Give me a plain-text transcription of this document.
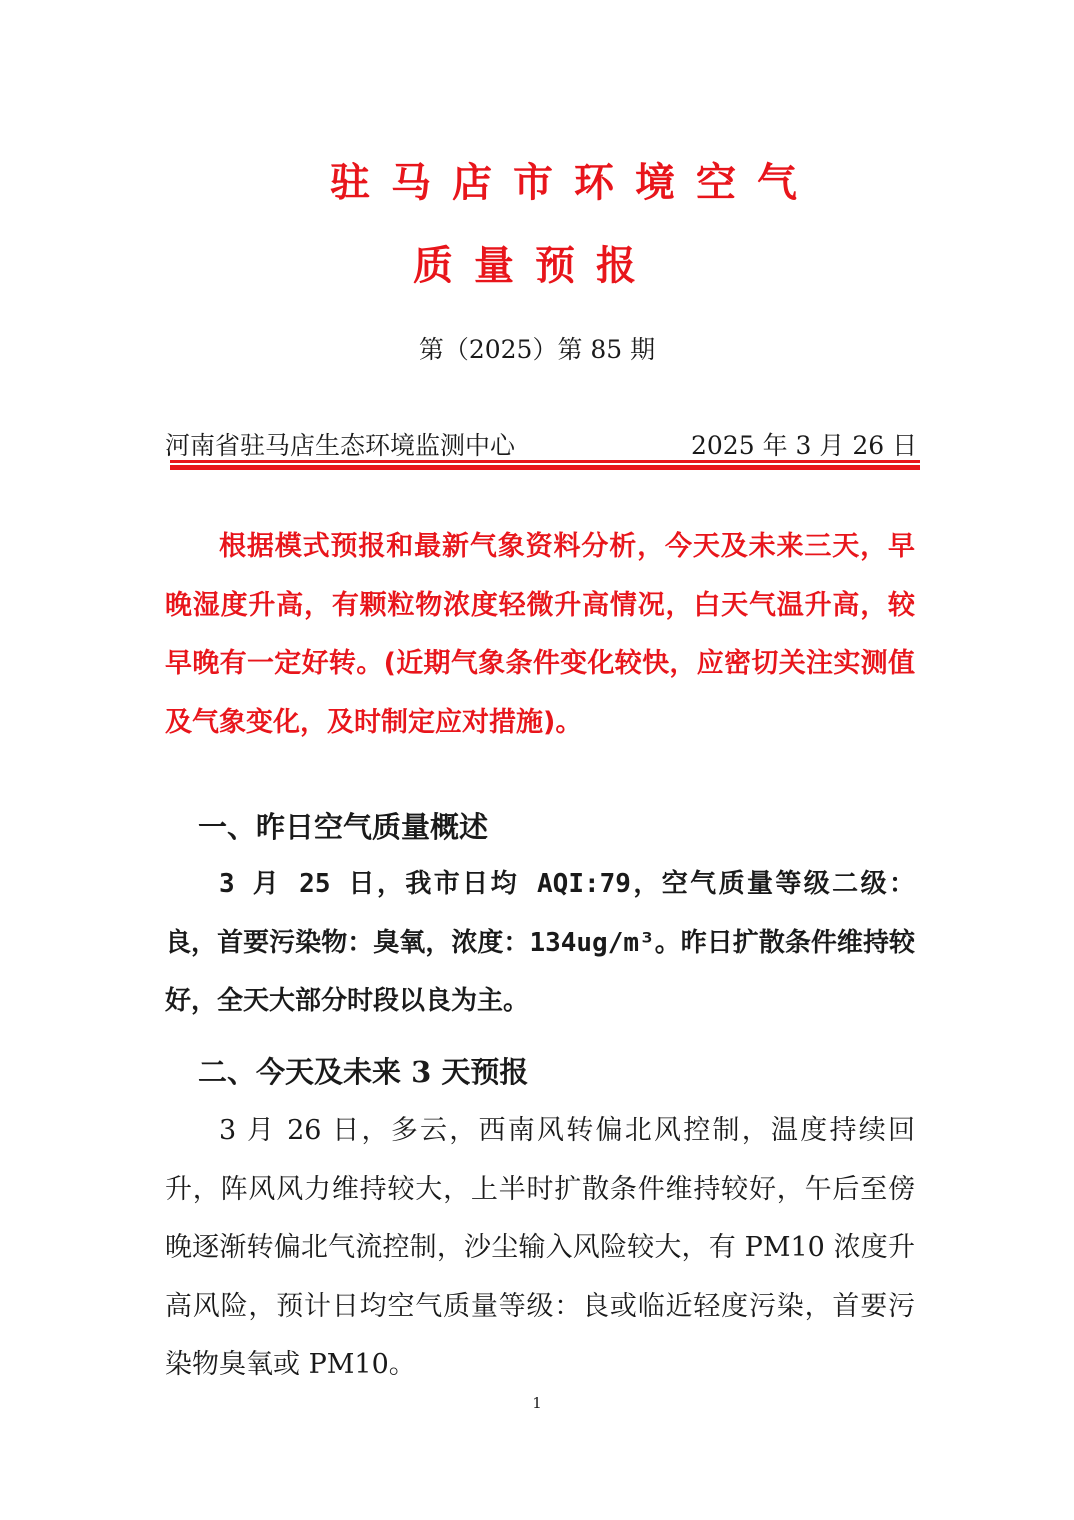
驻马店市环境空气
质量预报
第（2025）第 85 期
河南省驻马店生态环境监测中心	2025 年 3 月 26 日

根据模式预报和最新气象资料分析，今天及未来三天，早晚湿度升高，有颗粒物浓度轻微升高情况，白天气温升高，较早晚有一定好转。(近期气象条件变化较快，应密切关注实测值及气象变化，及时制定应对措施)。

一、昨日空气质量概述

3 月 25 日，我市日均 AQI:79，空气质量等级二级：良，首要污染物：臭氧，浓度：134ug/m³。昨日扩散条件维持较好，全天大部分时段以良为主。

二、今天及未来 3 天预报

3 月 26 日，多云，西南风转偏北风控制，温度持续回升，阵风风力维持较大，上半时扩散条件维持较好，午后至傍晚逐渐转偏北气流控制，沙尘输入风险较大，有 PM10 浓度升高风险，预计日均空气质量等级：良或临近轻度污染，首要污染物臭氧或 PM10。

1
